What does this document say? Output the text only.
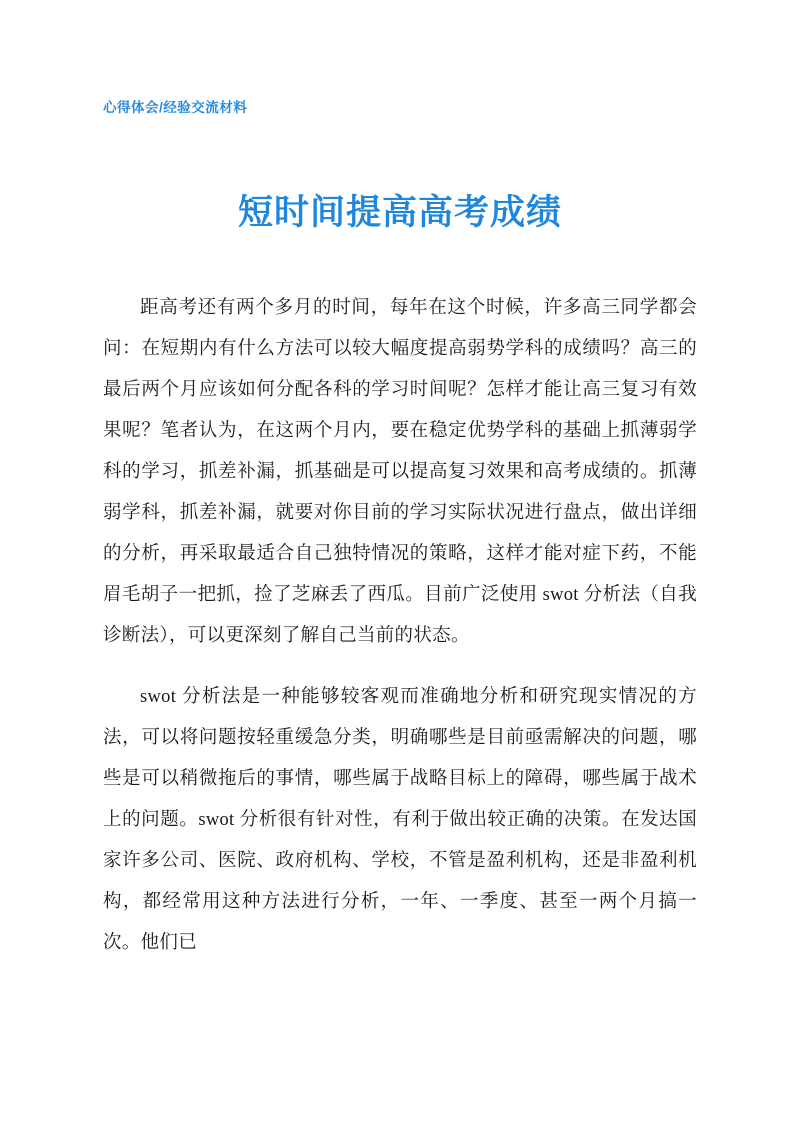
心得体会/经验交流材料
短时间提高高考成绩

距高考还有两个多月的时间，每年在这个时候，许多高三同学都会问：在短期内有什么方法可以较大幅度提高弱势学科的成绩吗？高三的最后两个月应该如何分配各科的学习时间呢？怎样才能让高三复习有效果呢？笔者认为，在这两个月内，要在稳定优势学科的基础上抓薄弱学科的学习，抓差补漏，抓基础是可以提高复习效果和高考成绩的。抓薄弱学科，抓差补漏，就要对你目前的学习实际状况进行盘点，做出详细的分析，再采取最适合自己独特情况的策略，这样才能对症下药，不能眉毛胡子一把抓，捡了芝麻丢了西瓜。目前广泛使用 swot 分析法（自我诊断法），可以更深刻了解自己当前的状态。

swot 分析法是一种能够较客观而准确地分析和研究现实情况的方法，可以将问题按轻重缓急分类，明确哪些是目前亟需解决的问题，哪些是可以稍微拖后的事情，哪些属于战略目标上的障碍，哪些属于战术上的问题。swot 分析很有针对性，有利于做出较正确的决策。在发达国家许多公司、医院、政府机构、学校，不管是盈利机构，还是非盈利机构，都经常用这种方法进行分析，一年、一季度、甚至一两个月搞一次。他们已
